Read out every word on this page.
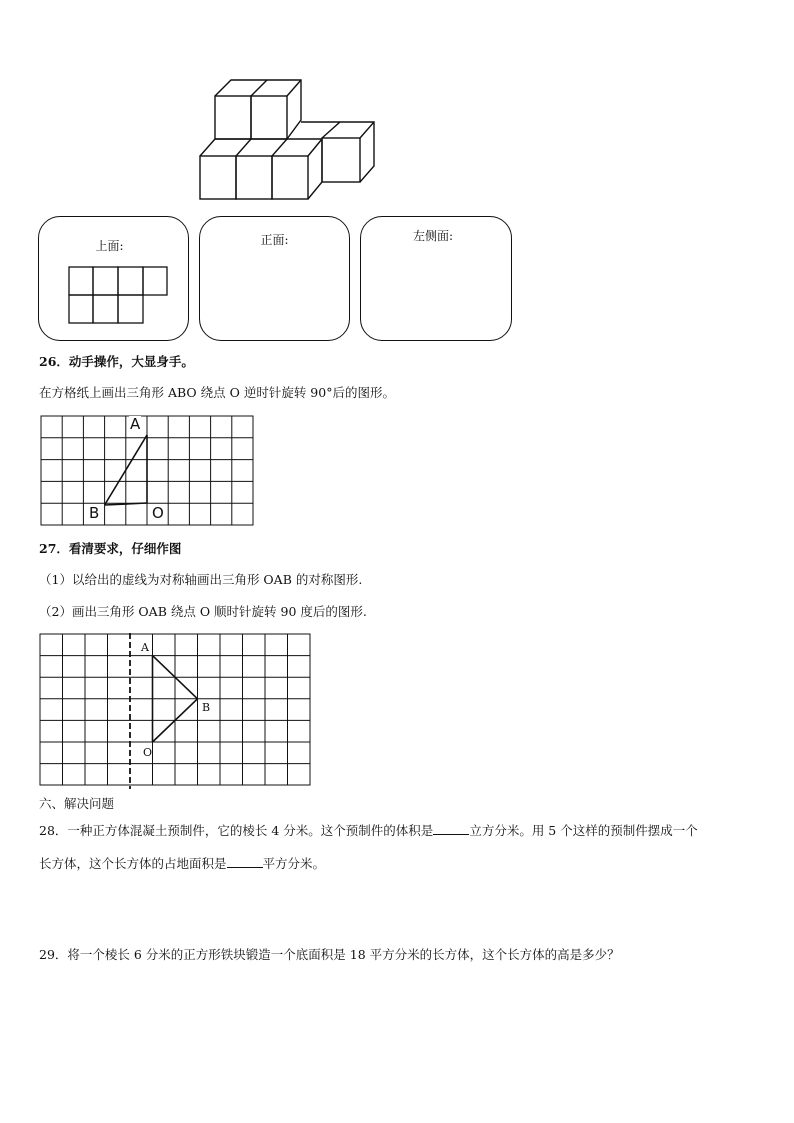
上面:	正面:	左侧面:
26．动手操作，大显身手。
在方格纸上画出三角形 ABO 绕点 O 逆时针旋转 90°后的图形。
A
B	O
27．看清要求，仔细作图
（1）以给出的虚线为对称轴画出三角形 OAB 的对称图形.
（2）画出三角形 OAB 绕点 O 顺时针旋转 90 度后的图形.
A
B
O
六、解决问题
28．一种正方体混凝土预制件，它的棱长 4 分米。这个预制件的体积是	立方分米。用 5 个这样的预制件摆成一个
长方体，这个长方体的占地面积是	平方分米。
29．将一个棱长 6 分米的正方形铁块锻造一个底面积是 18 平方分米的长方体，这个长方体的高是多少？
